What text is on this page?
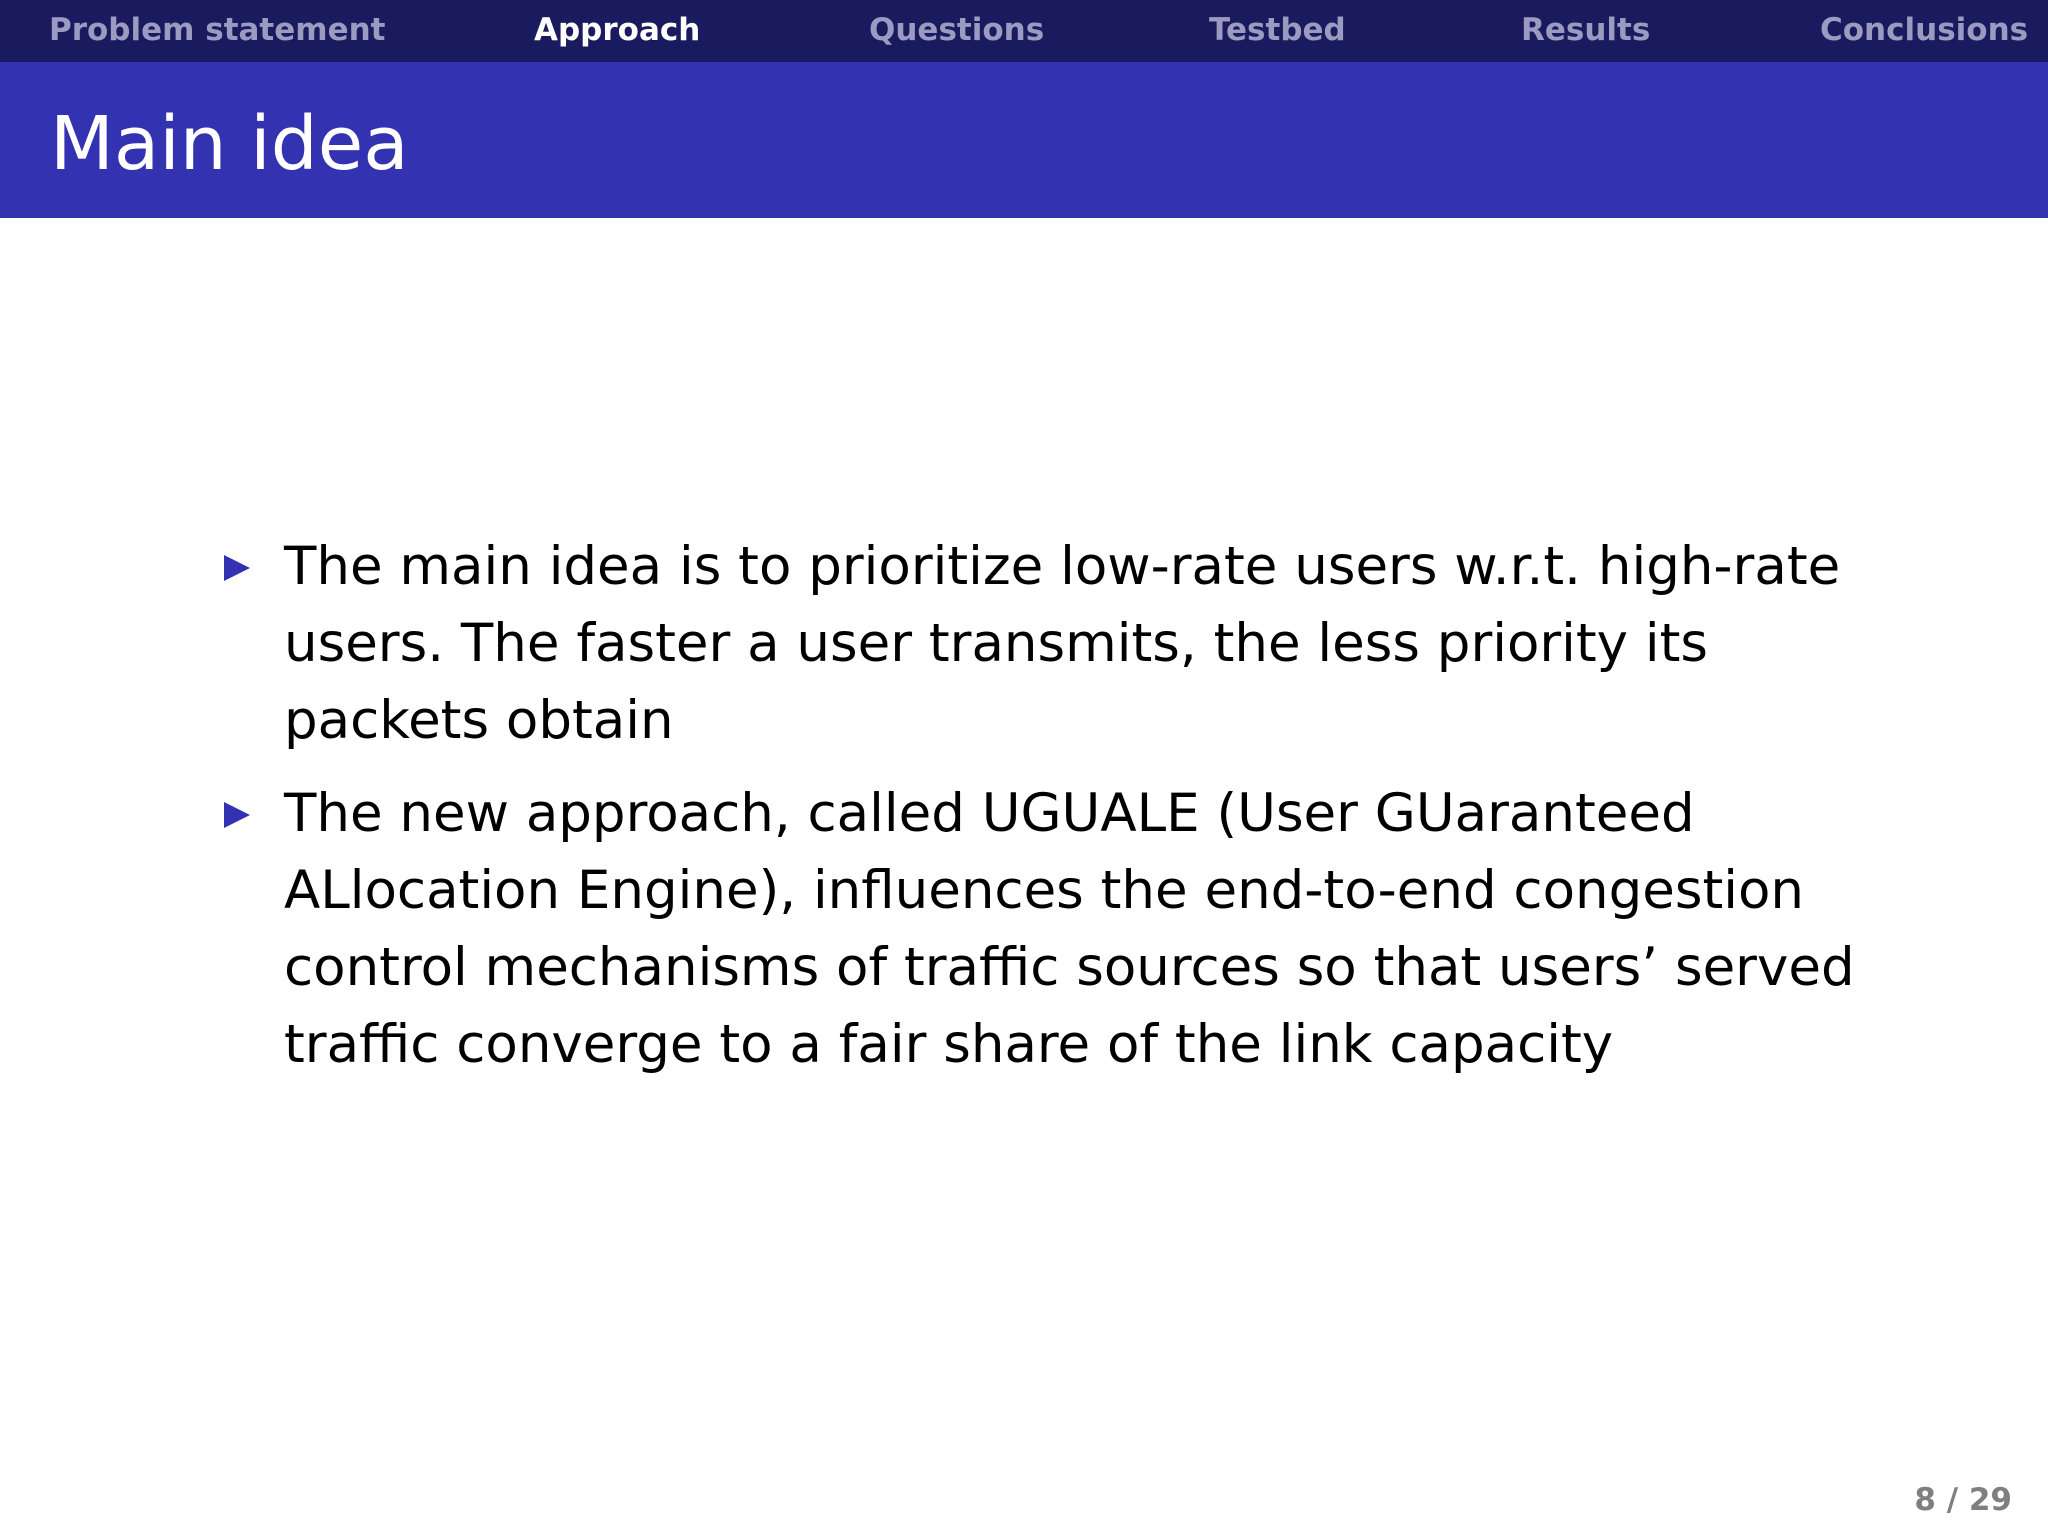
Problem statement	Approach	Questions	Testbed	Results	Conclusions
Main idea
The main idea is to prioritize low-rate users w.r.t. high-rate users. The faster a user transmits, the less priority its packets obtain
The new approach, called UGUALE (User GUaranteed ALlocation Engine), influences the end-to-end congestion control mechanisms of traffic sources so that users’ served traffic converge to a fair share of the link capacity
8 / 29
